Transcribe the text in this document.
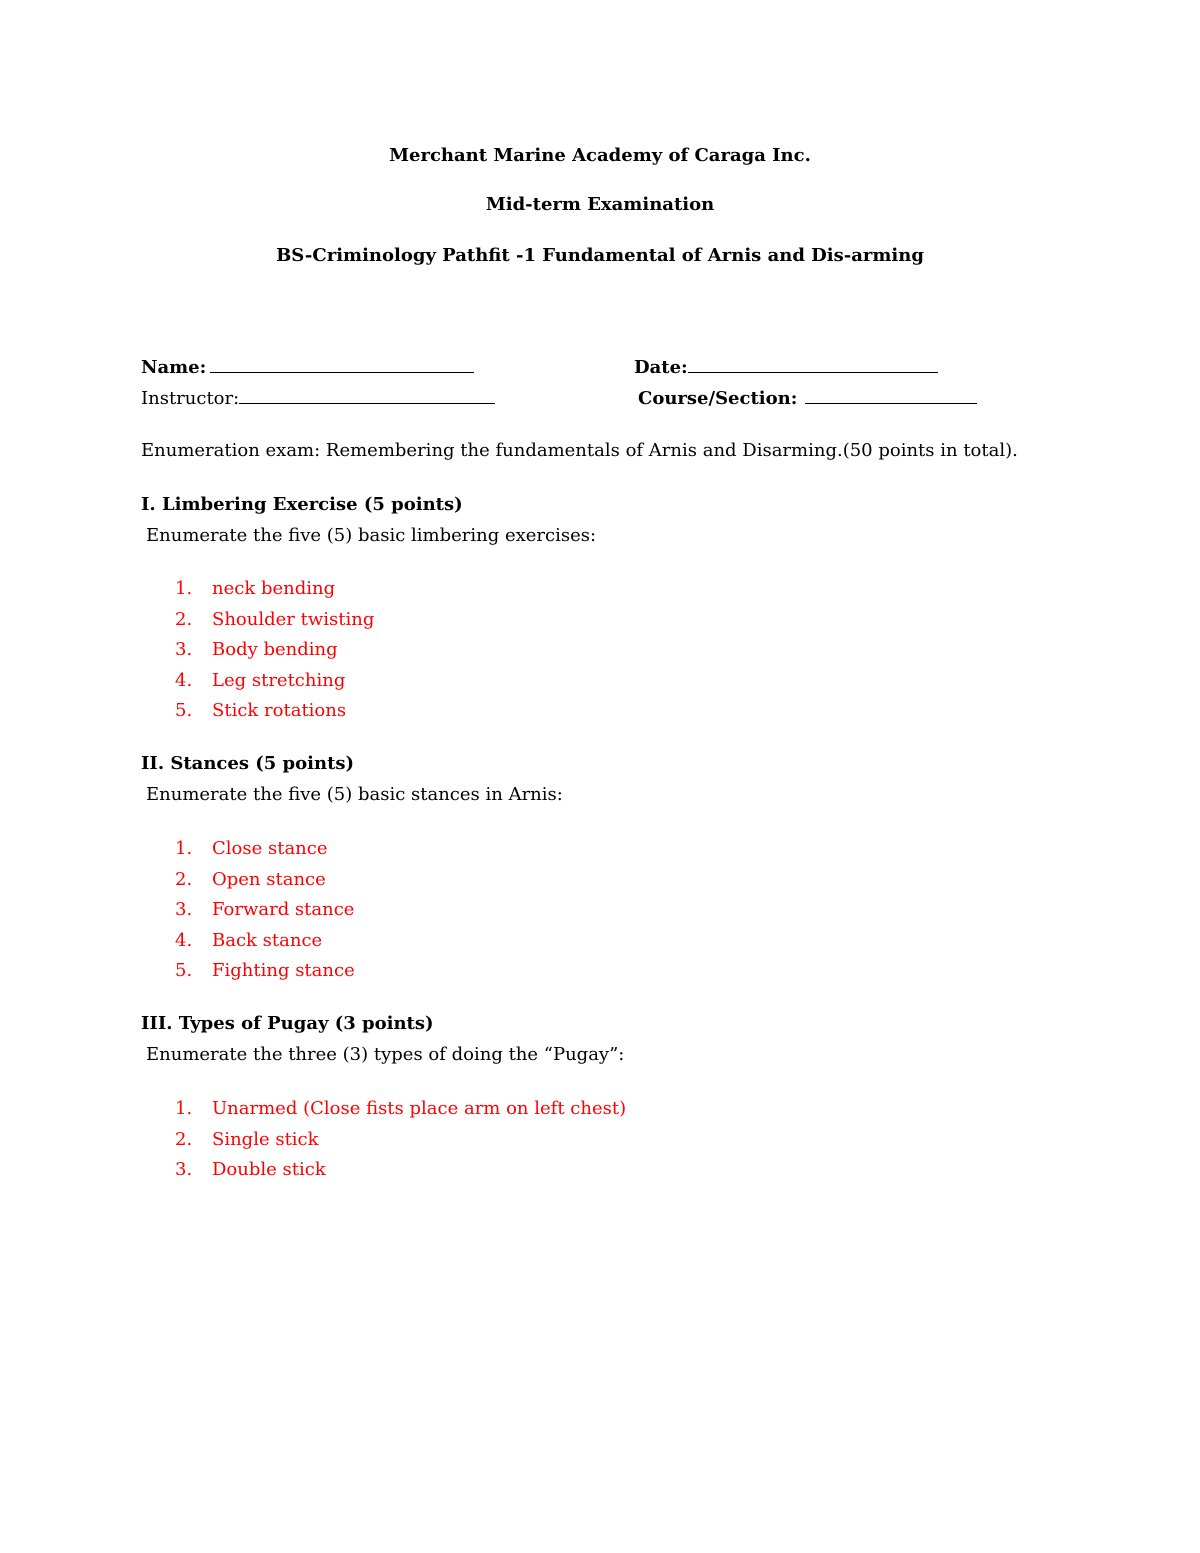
Merchant Marine Academy of Caraga Inc.
Mid-term Examination
BS-Criminology Pathfit -1 Fundamental of Arnis and Dis-arming
Name:	Date:
Instructor:	Course/Section:
Enumeration exam: Remembering the fundamentals of Arnis and Disarming.(50 points in total).
I. Limbering Exercise (5 points)
Enumerate the five (5) basic limbering exercises:
1. neck bending
2. Shoulder twisting
3. Body bending
4. Leg stretching
5. Stick rotations
II. Stances (5 points)
Enumerate the five (5) basic stances in Arnis:
1. Close stance
2. Open stance
3. Forward stance
4. Back stance
5. Fighting stance
III. Types of Pugay (3 points)
Enumerate the three (3) types of doing the “Pugay”:
1. Unarmed (Close fists place arm on left chest)
2. Single stick
3. Double stick
